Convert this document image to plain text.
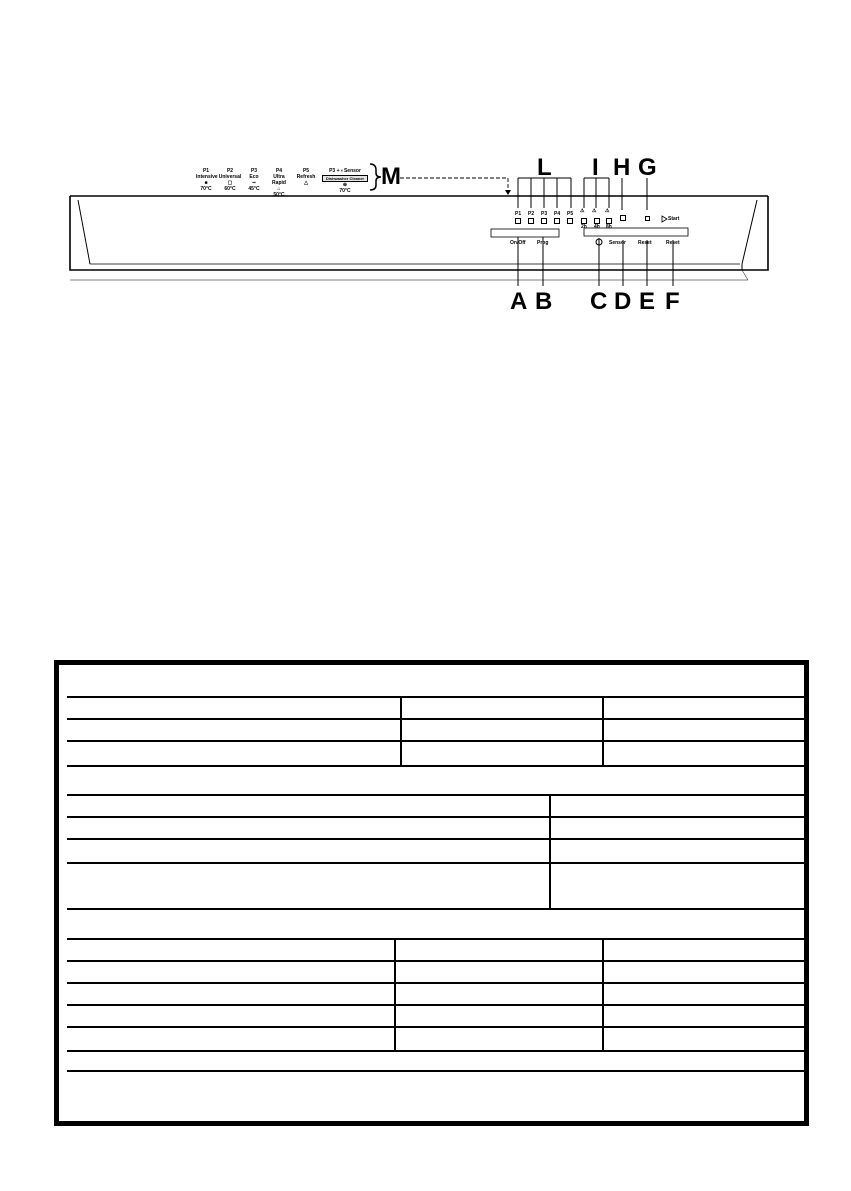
P1
Intensive
■
70°C
P2
Universal
▢
60°C
P3
Eco
▪▪
45°C
P4
Ultra Rapid
⌂
50°C
P5
Refresh
△
P3 + ◐Sensor
Dishwasher Cleaner
⊕
70°C
P1 P2 P3 P4 P5 ⚠ ⚠ ⚠
2h 4h 8h
Start
On/Off Prog	Sensor Reset	Reset
M	L I H G
A B C D E F
